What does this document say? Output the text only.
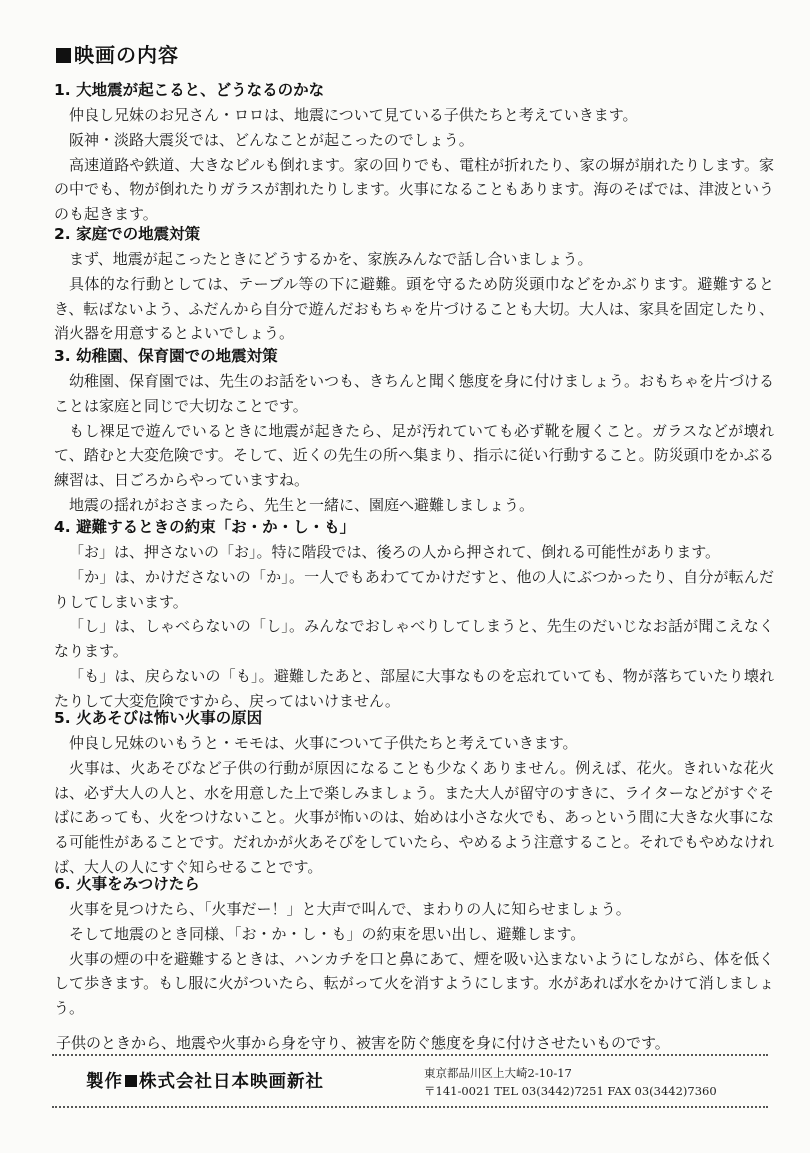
映画の内容
1. 大地震が起こると、どうなるのかな

仲良し兄妹のお兄さん・ロロは、地震について見ている子供たちと考えていきます。

阪神・淡路大震災では、どんなことが起こったのでしょう。

高速道路や鉄道、大きなビルも倒れます。家の回りでも、電柱が折れたり、家の塀が崩れたりします。家の中でも、物が倒れたりガラスが割れたりします。火事になることもあります。海のそばでは、津波というのも起きます。

2. 家庭での地震対策

まず、地震が起こったときにどうするかを、家族みんなで話し合いましょう。

具体的な行動としては、テーブル等の下に避難。頭を守るため防災頭巾などをかぶります。避難するとき、転ばないよう、ふだんから自分で遊んだおもちゃを片づけることも大切。大人は、家具を固定したり、消火器を用意するとよいでしょう。

3. 幼稚園、保育園での地震対策

幼稚園、保育園では、先生のお話をいつも、きちんと聞く態度を身に付けましょう。おもちゃを片づけることは家庭と同じで大切なことです。

もし裸足で遊んでいるときに地震が起きたら、足が汚れていても必ず靴を履くこと。ガラスなどが壊れて、踏むと大変危険です。そして、近くの先生の所へ集まり、指示に従い行動すること。防災頭巾をかぶる練習は、日ごろからやっていますね。

地震の揺れがおさまったら、先生と一緒に、園庭へ避難しましょう。

4. 避難するときの約束「お・か・し・も」

「お」は、押さないの「お」。特に階段では、後ろの人から押されて、倒れる可能性があります。

「か」は、かけださないの「か」。一人でもあわててかけだすと、他の人にぶつかったり、自分が転んだりしてしまいます。

「し」は、しゃべらないの「し」。みんなでおしゃべりしてしまうと、先生のだいじなお話が聞こえなくなります。

「も」は、戻らないの「も」。避難したあと、部屋に大事なものを忘れていても、物が落ちていたり壊れたりして大変危険ですから、戻ってはいけません。

5. 火あそびは怖い火事の原因

仲良し兄妹のいもうと・モモは、火事について子供たちと考えていきます。

火事は、火あそびなど子供の行動が原因になることも少なくありません。例えば、花火。きれいな花火は、必ず大人の人と、水を用意した上で楽しみましょう。また大人が留守のすきに、ライターなどがすぐそばにあっても、火をつけないこと。火事が怖いのは、始めは小さな火でも、あっという間に大きな火事になる可能性があることです。だれかが火あそびをしていたら、やめるよう注意すること。それでもやめなければ、大人の人にすぐ知らせることです。

6. 火事をみつけたら

火事を見つけたら、「火事だー！」と大声で叫んで、まわりの人に知らせましょう。

そして地震のとき同様、「お・か・し・も」の約束を思い出し、避難します。

火事の煙の中を避難するときは、ハンカチを口と鼻にあて、煙を吸い込まないようにしながら、体を低くして歩きます。もし服に火がついたら、転がって火を消すようにします。水があれば水をかけて消しましょう。

子供のときから、地震や火事から身を守り、被害を防ぐ態度を身に付けさせたいものです。

製作 株式会社日本映画新社	東京都品川区上大崎2-10-17
〒141-0021 TEL 03(3442)7251 FAX 03(3442)7360
